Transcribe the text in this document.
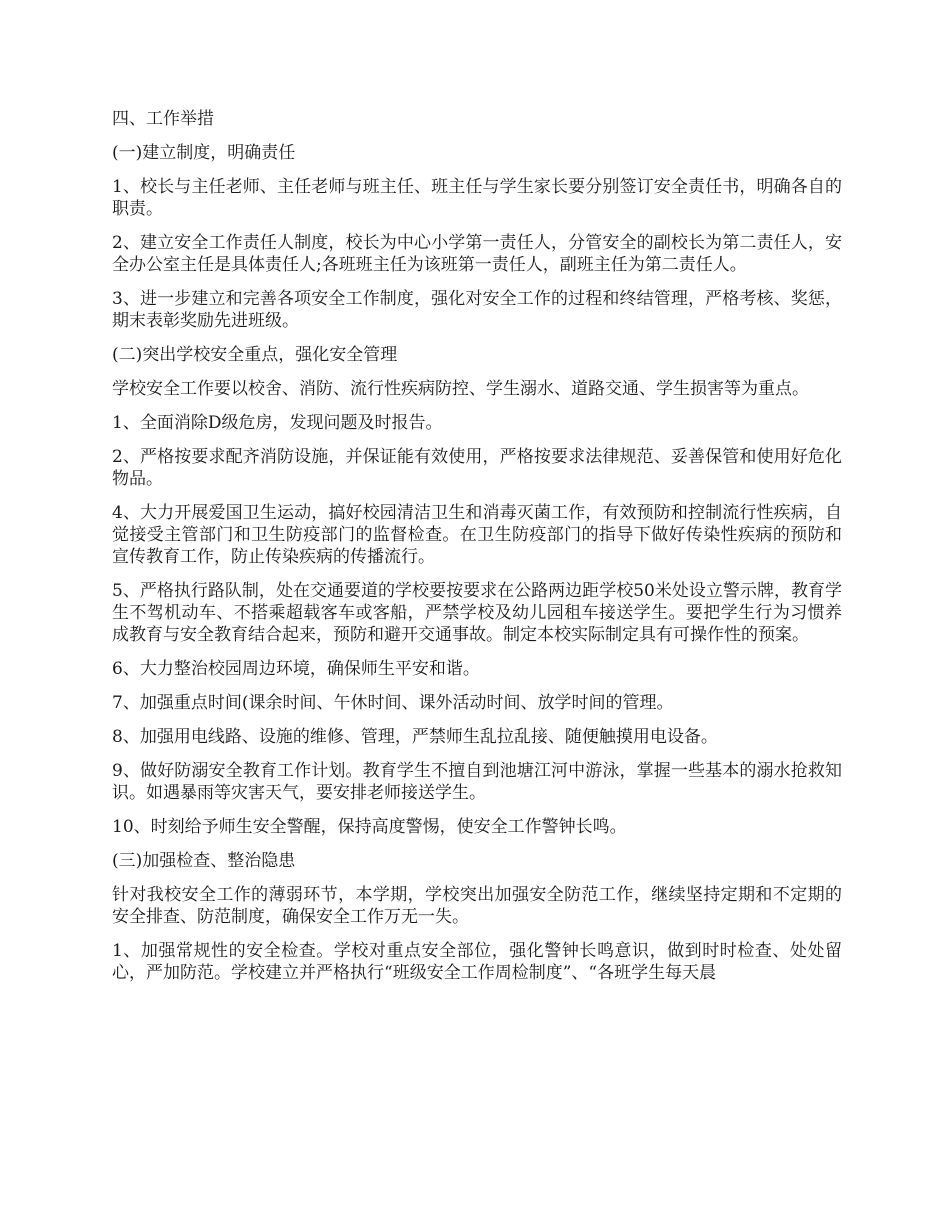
四、工作举措

(一)建立制度，明确责任

1、校长与主任老师、主任老师与班主任、班主任与学生家长要分别签订安全责任书，明确各自的职责。

2、建立安全工作责任人制度，校长为中心小学第一责任人，分管安全的副校长为第二责任人，安全办公室主任是具体责任人;各班班主任为该班第一责任人，副班主任为第二责任人。

3、进一步建立和完善各项安全工作制度，强化对安全工作的过程和终结管理，严格考核、奖惩，期末表彰奖励先进班级。

(二)突出学校安全重点，强化安全管理

学校安全工作要以校舍、消防、流行性疾病防控、学生溺水、道路交通、学生损害等为重点。

1、全面消除D级危房，发现问题及时报告。

2、严格按要求配齐消防设施，并保证能有效使用，严格按要求法律规范、妥善保管和使用好危化物品。

4、大力开展爱国卫生运动，搞好校园清洁卫生和消毒灭菌工作，有效预防和控制流行性疾病，自觉接受主管部门和卫生防疫部门的监督检查。在卫生防疫部门的指导下做好传染性疾病的预防和宣传教育工作，防止传染疾病的传播流行。

5、严格执行路队制，处在交通要道的学校要按要求在公路两边距学校50米处设立警示牌，教育学生不驾机动车、不搭乘超载客车或客船，严禁学校及幼儿园租车接送学生。要把学生行为习惯养成教育与安全教育结合起来，预防和避开交通事故。制定本校实际制定具有可操作性的预案。

6、大力整治校园周边环境，确保师生平安和谐。

7、加强重点时间(课余时间、午休时间、课外活动时间、放学时间的管理。

8、加强用电线路、设施的维修、管理，严禁师生乱拉乱接、随便触摸用电设备。

9、做好防溺安全教育工作计划。教育学生不擅自到池塘江河中游泳，掌握一些基本的溺水抢救知识。如遇暴雨等灾害天气，要安排老师接送学生。

10、时刻给予师生安全警醒，保持高度警惕，使安全工作警钟长鸣。

(三)加强检查、整治隐患

针对我校安全工作的薄弱环节，本学期，学校突出加强安全防范工作，继续坚持定期和不定期的安全排查、防范制度，确保安全工作万无一失。

1、加强常规性的安全检查。学校对重点安全部位，强化警钟长鸣意识，做到时时检查、处处留心，严加防范。学校建立并严格执行“班级安全工作周检制度”、“各班学生每天晨
